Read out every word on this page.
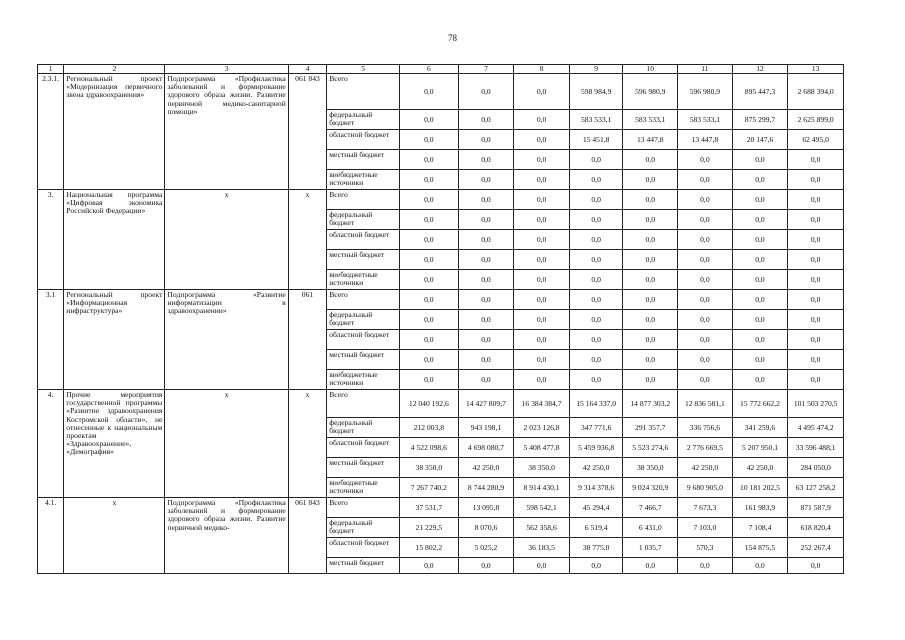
78
1	2	3	4	5	6	7	8	9	10	11	12	13
2.3.1.	Региональный проект «Модернизация первичного звена здравоохранения»	Подпрограмма «Профилактика заболеваний и формирование здорового образа жизни. Развитие первичной медико-санитарной помощи»	061 843	Всего	0,0	0,0	0,0	598 984,9	596 980,9	596 980,9	895 447,3	2 688 394,0
				федеральный бюджет	0,0	0,0	0,0	583 533,1	583 533,1	583 533,1	875 299,7	2 625 899,0
				областной бюджет	0,0	0,0	0,0	15 451,8	13 447,8	13 447,8	20 147,6	62 495,0
				местный бюджет	0,0	0,0	0,0	0,0	0,0	0,0	0,0	0,0
				внебюджетные источники	0,0	0,0	0,0	0,0	0,0	0,0	0,0	0,0
3.	Национальная программа «Цифровая экономика Российской Федерации»	х	х	Всего	0,0	0,0	0,0	0,0	0,0	0,0	0,0	0,0
				федеральный бюджет	0,0	0,0	0,0	0,0	0,0	0,0	0,0	0,0
				областной бюджет	0,0	0,0	0,0	0,0	0,0	0,0	0,0	0,0
				местный бюджет	0,0	0,0	0,0	0,0	0,0	0,0	0,0	0,0
				внебюджетные источники	0,0	0,0	0,0	0,0	0,0	0,0	0,0	0,0
3.1	Региональный проект «Информационная инфраструктура»	Подпрограмма «Развитие информатизации в здравоохранении»	061	Всего	0,0	0,0	0,0	0,0	0,0	0,0	0,0	0,0
				федеральный бюджет	0,0	0,0	0,0	0,0	0,0	0,0	0,0	0,0
				областной бюджет	0,0	0,0	0,0	0,0	0,0	0,0	0,0	0,0
				местный бюджет	0,0	0,0	0,0	0,0	0,0	0,0	0,0	0,0
				внебюджетные источники	0,0	0,0	0,0	0,0	0,0	0,0	0,0	0,0
4.	Прочие мероприятия государственной программы «Развитие здравоохранения Костромской области», не отнесенные к национальным проектам «Здравоохранение», «Демография»	х	х	Всего	12 040 192,6	14 427 809,7	16 384 384,7	15 164 337,0	14 877 303,2	12 836 581,1	15 772 662,2	101 503 270,5
				федеральный бюджет	212 003,8	943 198,1	2 023 126,8	347 771,6	291 357,7	336 756,6	341 259,6	4 495 474,2
				областной бюджет	4 522 098,6	4 698 080,7	5 408 477,8	5 459 936,8	5 523 274,6	2 776 669,5	5 207 950,1	33 596 488,1
				местный бюджет	38 350,0	42 250,0	38 350,0	42 250,0	38 350,0	42 250,0	42 250,0	284 050,0
				внебюджетные источники	7 267 740,2	8 744 280,9	8 914 430,1	9 314 378,6	9 024 320,9	9 680 905,0	10 181 202,5	63 127 258,2
4.1.	х	Подпрограмма «Профилактика заболеваний и формирование здорового образа жизни. Развитие первичной медико-	061 843	Всего	37 531,7	13 095,8	598 542,1	45 294,4	7 466,7	7 673,3	161 983,9	871 587,9
				федеральный бюджет	21 229,5	8 070,6	562 358,6	6 519,4	6 431,0	7 103,0	7 108,4	618 820,4
				областной бюджет	15 802,2	5 025,2	36 183,5	38 775,0	1 035,7	570,3	154 875,5	252 267,4
				местный бюджет	0,0	0,0	0,0	0,0	0,0	0,0	0,0	0,0
